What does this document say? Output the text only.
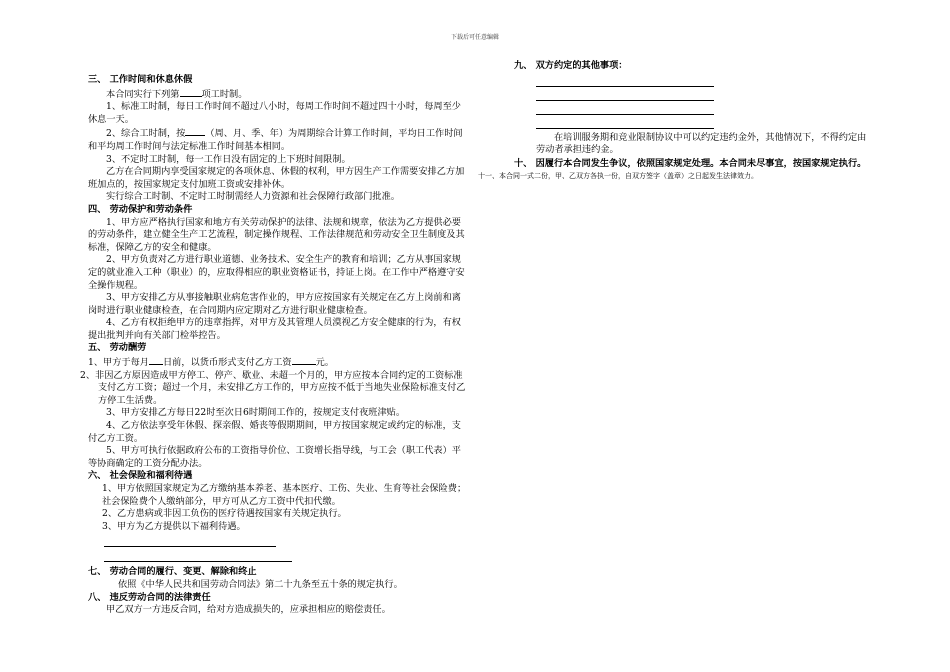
下载后可任意编辑
三、 工作时间和休息休假
本合同实行下列第 项工时制。
1、标准工时制，每日工作时间不超过八小时，每周工作时间不超过四十小时，每周至少休息一天。
2、综合工时制，按 （周、月、季、年）为周期综合计算工作时间，平均日工作时间和平均周工作时间与法定标准工作时间基本相同。
3、不定时工时制，每一工作日没有固定的上下班时间限制。
乙方在合同期内享受国家规定的各项休息、休假的权利，甲方因生产工作需要安排乙方加班加点的，按国家规定支付加班工资或安排补休。
实行综合工时制、不定时工时制需经人力资源和社会保障行政部门批准。
四、 劳动保护和劳动条件
1、甲方应严格执行国家和地方有关劳动保护的法律、法规和规章，依法为乙方提供必要的劳动条件，建立健全生产工艺流程，制定操作规程、工作法律规范和劳动安全卫生制度及其标准，保障乙方的安全和健康。
2、甲方负责对乙方进行职业道德、业务技术、安全生产的教育和培训；乙方从事国家规定的就业准入工种（职业）的，应取得相应的职业资格证书，持证上岗。在工作中严格遵守安全操作规程。
3、甲方安排乙方从事接触职业病危害作业的，甲方应按国家有关规定在乙方上岗前和离岗时进行职业健康检查，在合同期内应定期对乙方进行职业健康检查。
4、乙方有权拒绝甲方的违章指挥，对甲方及其管理人员漠视乙方安全健康的行为，有权提出批判并向有关部门检举控告。
五、 劳动酬劳
1、甲方于每月 日前，以货币形式支付乙方工资	元。
2、非因乙方原因造成甲方停工、停产、歇业、未超一个月的，甲方应按本合同约定的工资标准支付乙方工资；超过一个月，未安排乙方工作的，甲方应按不低于当地失业保险标准支付乙方停工生活费。
3、甲方安排乙方每日22时至次日6时期间工作的，按规定支付夜班津贴。
4、乙方依法享受年休假、探亲假、婚丧等假期期间，甲方按国家规定或约定的标准，支付乙方工资。
5、甲方可执行依据政府公布的工资指导价位、工资增长指导线，与工会（职工代表）平等协商确定的工资分配办法。
六、 社会保险和福利待遇
1、甲方依照国家规定为乙方缴纳基本养老、基本医疗、工伤、失业、生育等社会保险费；社会保险费个人缴纳部分，甲方可从乙方工资中代扣代缴。
2、乙方患病或非因工负伤的医疗待遇按国家有关规定执行。
3、甲方为乙方提供以下福利待遇。
七、 劳动合同的履行、变更、解除和终止
依照《中华人民共和国劳动合同法》第二十九条至五十条的规定执行。
八、 违反劳动合同的法律责任
甲乙双方一方违反合同，给对方造成损失的，应承担相应的赔偿责任。
九、 双方约定的其他事项：
在培训服务期和竞业限制协议中可以约定违约金外，其他情况下，不得约定由劳动者承担违约金。
十、 因履行本合同发生争议，依照国家规定处理。本合同未尽事宜，按国家规定执行。
十一、本合同一式二份，甲、乙双方各执一份，自双方签字（盖章）之日起发生法律效力。
